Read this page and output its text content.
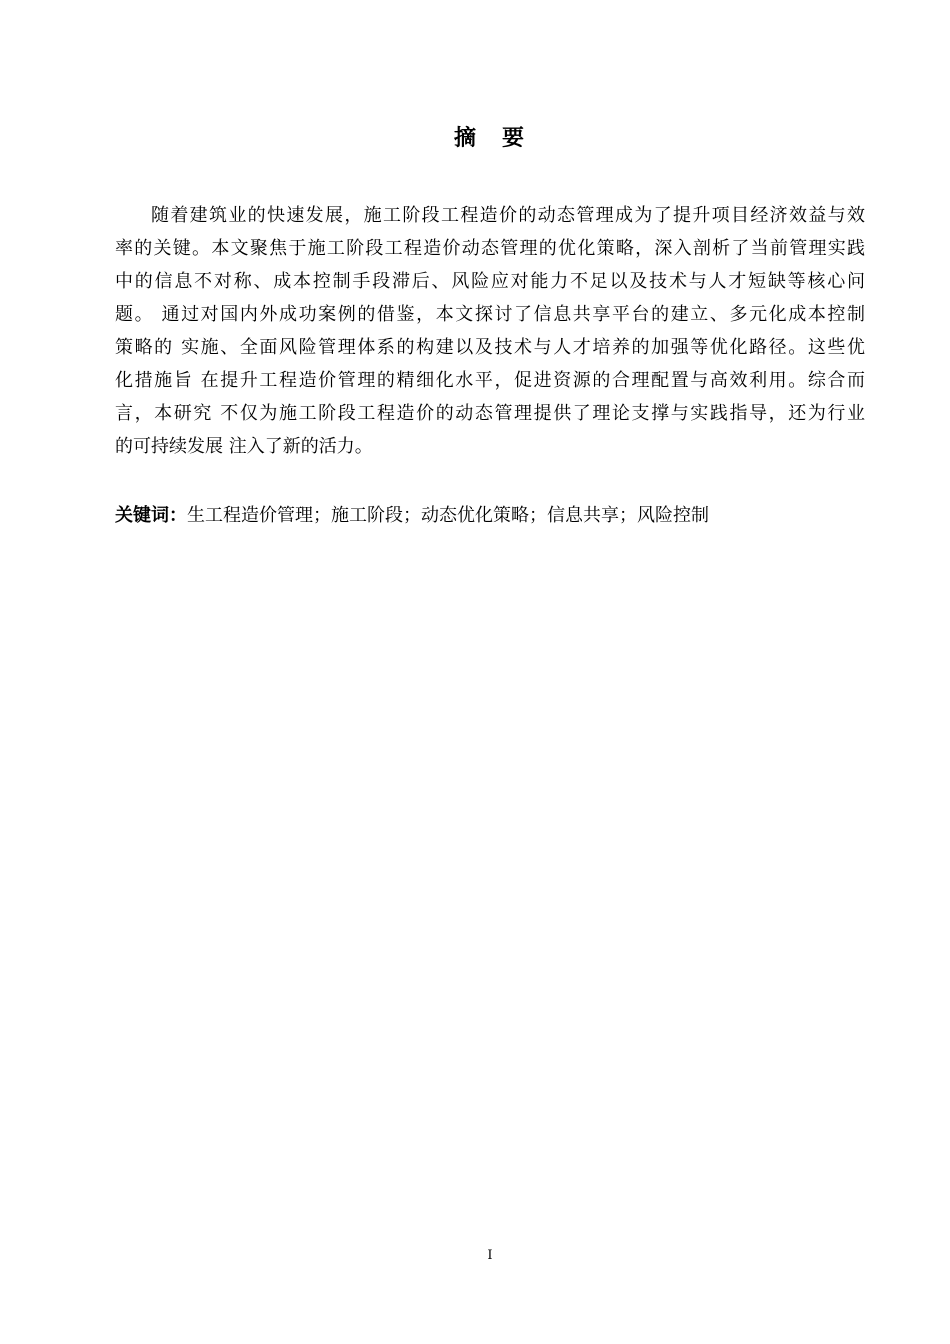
摘　要
随着建筑业的快速发展，施工阶段工程造价的动态管理成为了提升项目经济效益与效
率的关键。本文聚焦于施工阶段工程造价动态管理的优化策略，深入剖析了当前管理实践
中的信息不对称、成本控制手段滞后、风险应对能力不足以及技术与人才短缺等核心问
题。 通过对国内外成功案例的借鉴，本文探讨了信息共享平台的建立、多元化成本控制
策略的 实施、全面风险管理体系的构建以及技术与人才培养的加强等优化路径。这些优
化措施旨 在提升工程造价管理的精细化水平，促进资源的合理配置与高效利用。综合而
言，本研究 不仅为施工阶段工程造价的动态管理提供了理论支撑与实践指导，还为行业
的可持续发展 注入了新的活力。
关键词：生工程造价管理；施工阶段；动态优化策略；信息共享；风险控制
I
